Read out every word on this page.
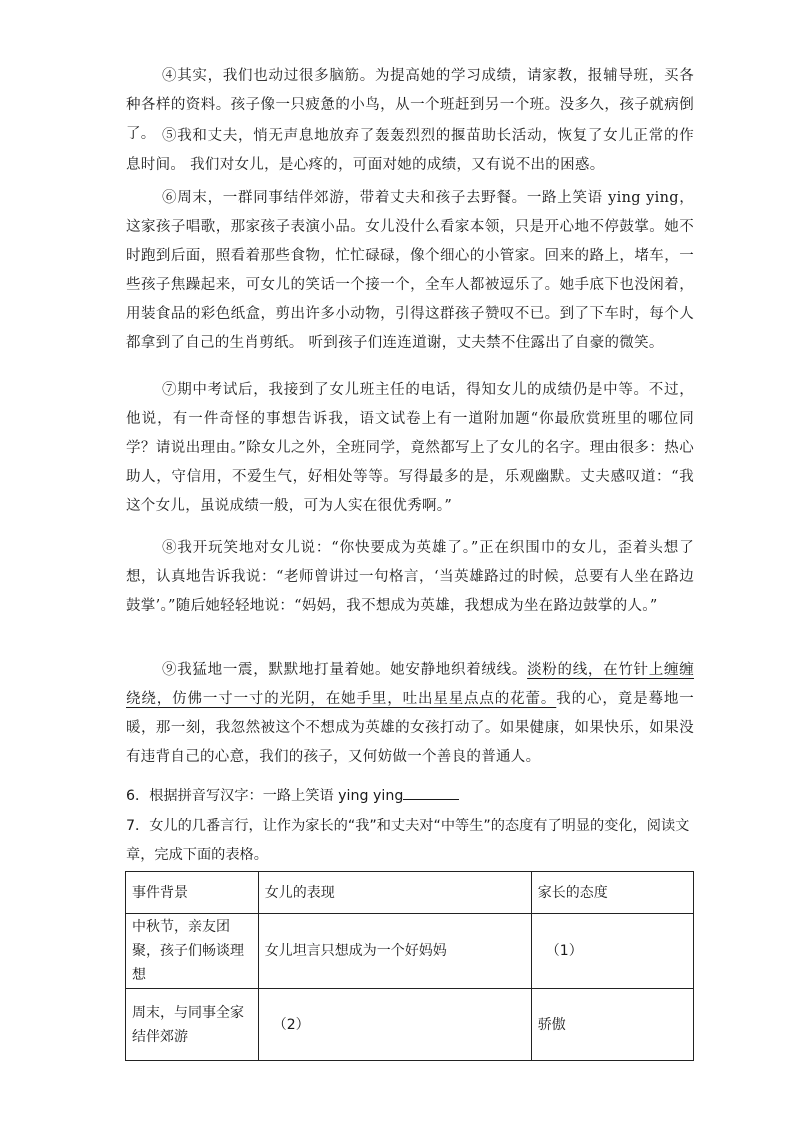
④其实，我们也动过很多脑筋。为提高她的学习成绩，请家教，报辅导班，买各种各样的资料。孩子像一只疲惫的小鸟，从一个班赶到另一个班。没多久，孩子就病倒了。 ⑤我和丈夫，悄无声息地放弃了轰轰烈烈的揠苗助长活动，恢复了女儿正常的作息时间。 我们对女儿，是心疼的，可面对她的成绩，又有说不出的困惑。

⑥周末，一群同事结伴郊游，带着丈夫和孩子去野餐。一路上笑语 ying ying，这家孩子唱歌，那家孩子表演小品。女儿没什么看家本领，只是开心地不停鼓掌。她不时跑到后面，照看着那些食物，忙忙碌碌，像个细心的小管家。回来的路上，堵车，一些孩子焦躁起来，可女儿的笑话一个接一个，全车人都被逗乐了。她手底下也没闲着，用装食品的彩色纸盒，剪出许多小动物，引得这群孩子赞叹不已。到了下车时，每个人都拿到了自己的生肖剪纸。 听到孩子们连连道谢，丈夫禁不住露出了自豪的微笑。

⑦期中考试后，我接到了女儿班主任的电话，得知女儿的成绩仍是中等。不过，他说，有一件奇怪的事想告诉我，语文试卷上有一道附加题“你最欣赏班里的哪位同学？请说出理由。”除女儿之外，全班同学，竟然都写上了女儿的名字。理由很多：热心助人，守信用，不爱生气，好相处等等。写得最多的是，乐观幽默。丈夫感叹道：“我这个女儿，虽说成绩一般，可为人实在很优秀啊。”

⑧我开玩笑地对女儿说：“你快要成为英雄了。”正在织围巾的女儿，歪着头想了想，认真地告诉我说：“老师曾讲过一句格言，‘当英雄路过的时候，总要有人坐在路边鼓掌’。”随后她轻轻地说：“妈妈，我不想成为英雄，我想成为坐在路边鼓掌的人。”

⑨我猛地一震，默默地打量着她。她安静地织着绒线。淡粉的线，在竹针上缠缠绕绕，仿佛一寸一寸的光阴，在她手里，吐出星星点点的花蕾。我的心，竟是蓦地一暖，那一刻，我忽然被这个不想成为英雄的女孩打动了。如果健康，如果快乐，如果没有违背自己的心意，我们的孩子，又何妨做一个善良的普通人。

6．根据拼音写汉字：一路上笑语 ying ying

7．女儿的几番言行，让作为家长的“我”和丈夫对“中等生”的态度有了明显的变化，阅读文章，完成下面的表格。

事件背景	女儿的表现	家长的态度
中秋节，亲友团聚，孩子们畅谈理想	女儿坦言只想成为一个好妈妈	（1）
周末，与同事全家结伴郊游	（2）	骄傲
